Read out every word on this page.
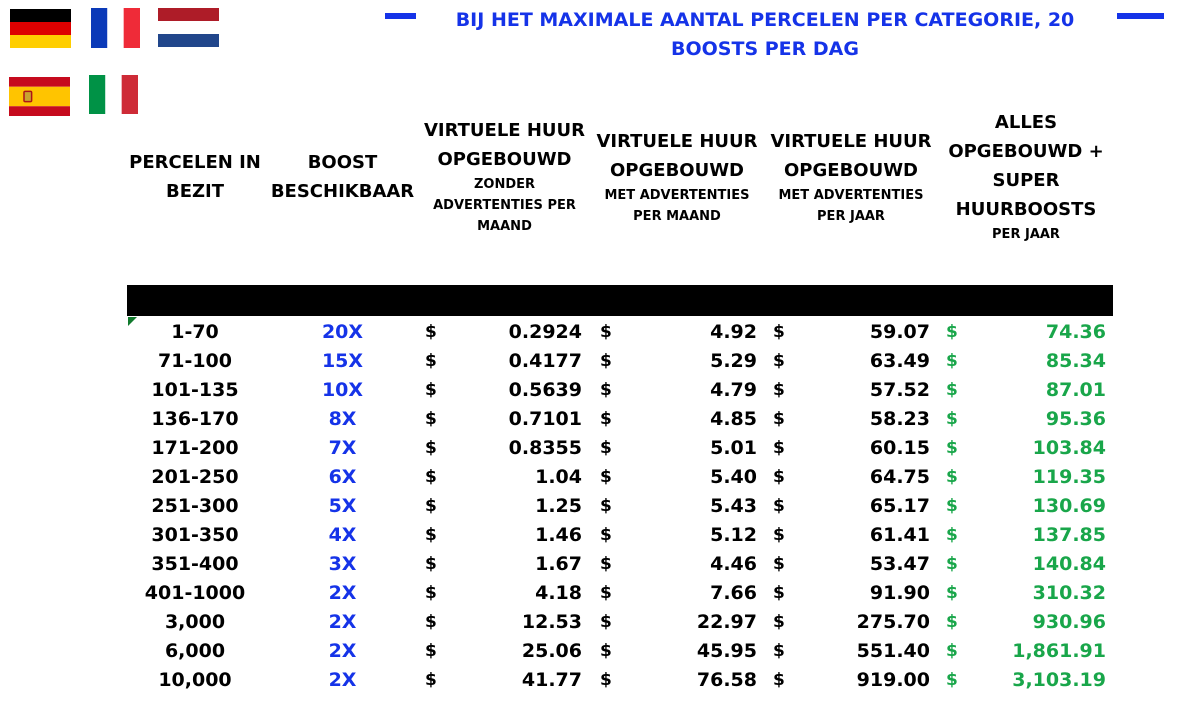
BIJ HET MAXIMALE AANTAL PERCELEN PER CATEGORIE, 20 BOOSTS PER DAG
PERCELEN IN BEZIT
BOOST BESCHIKBAAR
VIRTUELE HUUR OPGEBOUWD
ZONDER ADVERTENTIES PER MAAND
VIRTUELE HUUR OPGEBOUWD
MET ADVERTENTIES PER MAAND
VIRTUELE HUUR OPGEBOUWD
MET ADVERTENTIES PER JAAR
ALLES OPGEBOUWD + SUPER HUURBOOSTS
PER JAAR
1-70	20X	$	0.2924 $	4.92 $	59.07 $	74.36
71-100	15X	$	0.4177 $	5.29 $	63.49 $	85.34
101-135	10X	$	0.5639 $	4.79 $	57.52 $	87.01
136-170	8X	$	0.7101 $	4.85 $	58.23 $	95.36
171-200	7X	$	0.8355 $	5.01 $	60.15 $	103.84
201-250	6X	$	1.04 $	5.40 $	64.75 $	119.35
251-300	5X	$	1.25 $	5.43 $	65.17 $	130.69
301-350	4X	$	1.46 $	5.12 $	61.41 $	137.85
351-400	3X	$	1.67 $	4.46 $	53.47 $	140.84
401-1000	2X	$	4.18 $	7.66 $	91.90 $	310.32
3,000	2X	$	12.53 $	22.97 $	275.70 $	930.96
6,000	2X	$	25.06 $	45.95 $	551.40 $	1,861.91
10,000	2X	$	41.77 $	76.58 $	919.00 $	3,103.19
